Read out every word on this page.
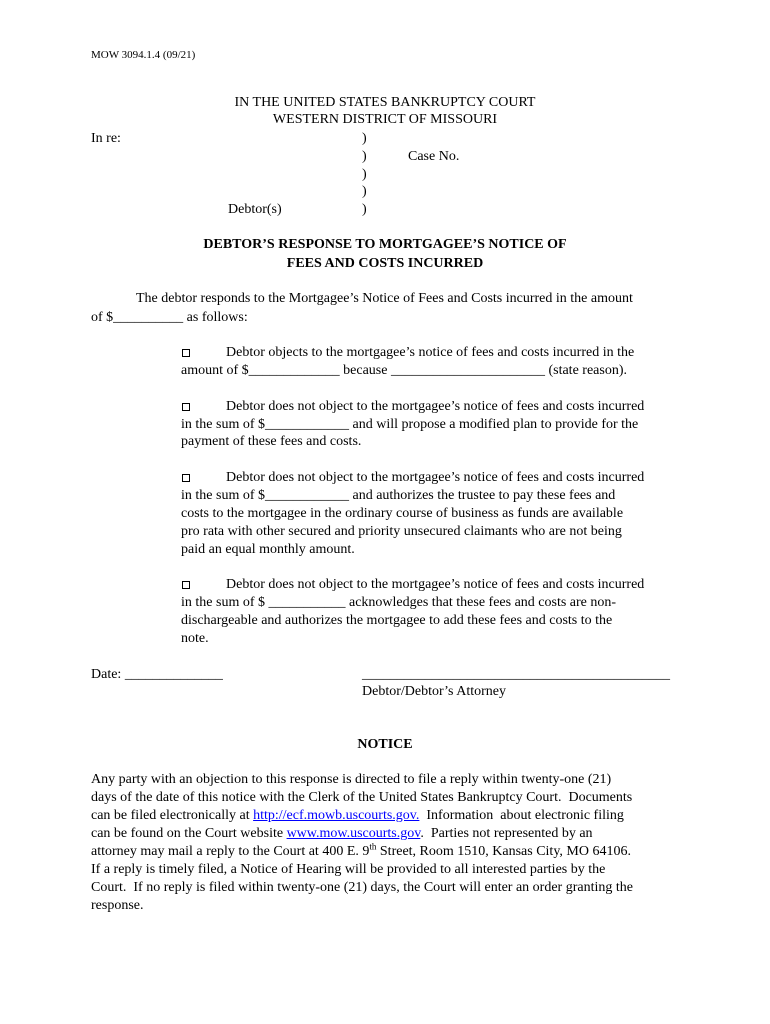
MOW 3094.1.4 (09/21)
IN THE UNITED STATES BANKRUPTCY COURT
WESTERN DISTRICT OF MISSOURI
In re:	)
)	Case No.
)
)
Debtor(s)	)
DEBTOR’S RESPONSE TO MORTGAGEE’S NOTICE OF
FEES AND COSTS INCURRED
The debtor responds to the Mortgagee’s Notice of Fees and Costs incurred in the amount
of $__________ as follows:
Debtor objects to the mortgagee’s notice of fees and costs incurred in the
amount of $_____________ because ______________________ (state reason).
Debtor does not object to the mortgagee’s notice of fees and costs incurred
in the sum of $____________ and will propose a modified plan to provide for the
payment of these fees and costs.
Debtor does not object to the mortgagee’s notice of fees and costs incurred
in the sum of $____________ and authorizes the trustee to pay these fees and
costs to the mortgagee in the ordinary course of business as funds are available
pro rata with other secured and priority unsecured claimants who are not being
paid an equal monthly amount.
Debtor does not object to the mortgagee’s notice of fees and costs incurred
in the sum of $ ___________ acknowledges that these fees and costs are non-
dischargeable and authorizes the mortgagee to add these fees and costs to the
note.
Date: ______________	____________________________________________
Debtor/Debtor’s Attorney
NOTICE
Any party with an objection to this response is directed to file a reply within twenty-one (21)
days of the date of this notice with the Clerk of the United States Bankruptcy Court.  Documents
can be filed electronically at http://ecf.mowb.uscourts.gov.  Information  about electronic filing
can be found on the Court website www.mow.uscourts.gov.  Parties not represented by an
attorney may mail a reply to the Court at 400 E. 9th Street, Room 1510, Kansas City, MO 64106.
If a reply is timely filed, a Notice of Hearing will be provided to all interested parties by the
Court.  If no reply is filed within twenty-one (21) days, the Court will enter an order granting the
response.
